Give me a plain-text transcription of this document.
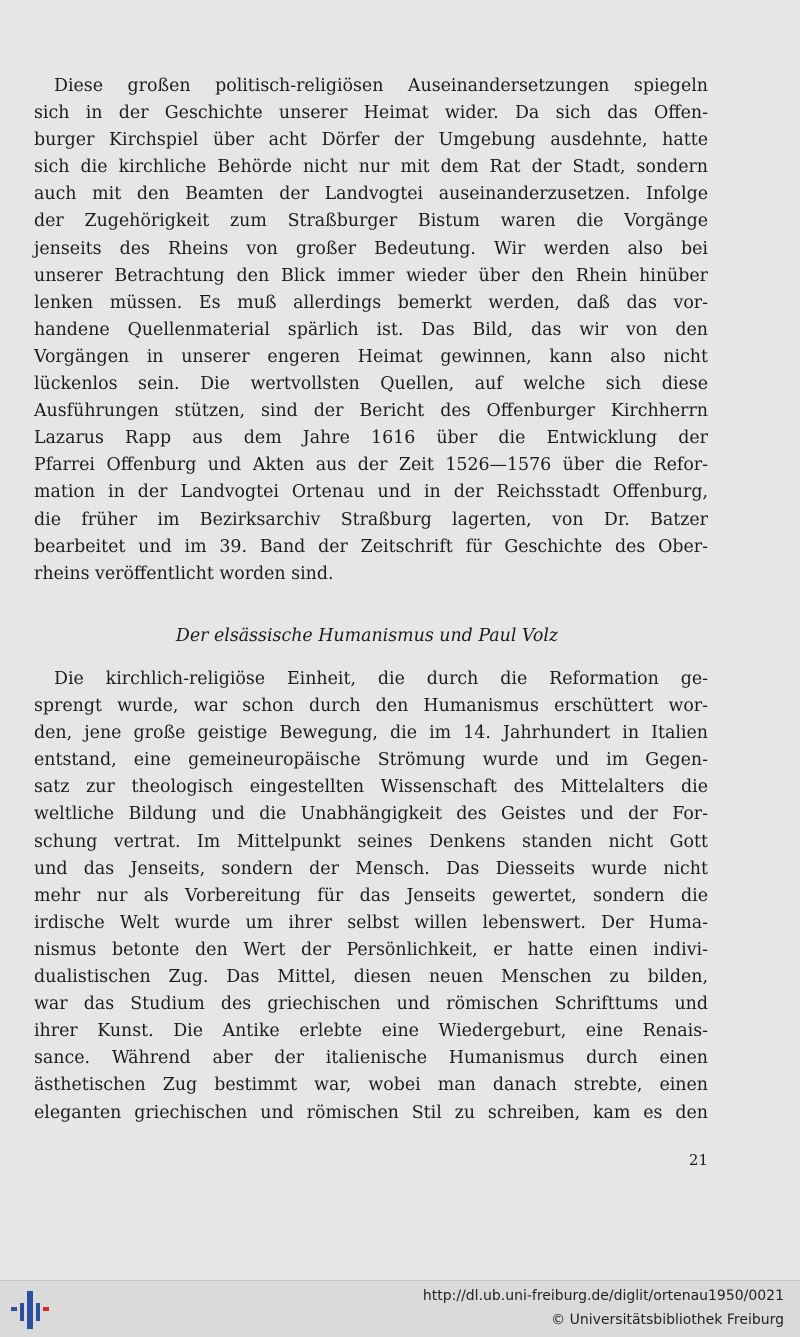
Diese großen politisch-religiösen Auseinandersetzungen spiegeln
sich in der Geschichte unserer Heimat wider. Da sich das Offen-
burger Kirchspiel über acht Dörfer der Umgebung ausdehnte, hatte
sich die kirchliche Behörde nicht nur mit dem Rat der Stadt, sondern
auch mit den Beamten der Landvogtei auseinanderzusetzen. Infolge
der Zugehörigkeit zum Straßburger Bistum waren die Vorgänge
jenseits des Rheins von großer Bedeutung. Wir werden also bei
unserer Betrachtung den Blick immer wieder über den Rhein hinüber
lenken müssen. Es muß allerdings bemerkt werden, daß das vor-
handene Quellenmaterial spärlich ist. Das Bild, das wir von den
Vorgängen in unserer engeren Heimat gewinnen, kann also nicht
lückenlos sein. Die wertvollsten Quellen, auf welche sich diese
Ausführungen stützen, sind der Bericht des Offenburger Kirchherrn
Lazarus Rapp aus dem Jahre 1616 über die Entwicklung der
Pfarrei Offenburg und Akten aus der Zeit 1526—1576 über die Refor-
mation in der Landvogtei Ortenau und in der Reichsstadt Offenburg,
die früher im Bezirksarchiv Straßburg lagerten, von Dr. Batzer
bearbeitet und im 39. Band der Zeitschrift für Geschichte des Ober-
rheins veröffentlicht worden sind.
Der elsässische Humanismus und Paul Volz
Die kirchlich-religiöse Einheit, die durch die Reformation ge-
sprengt wurde, war schon durch den Humanismus erschüttert wor-
den, jene große geistige Bewegung, die im 14. Jahrhundert in Italien
entstand, eine gemeineuropäische Strömung wurde und im Gegen-
satz zur theologisch eingestellten Wissenschaft des Mittelalters die
weltliche Bildung und die Unabhängigkeit des Geistes und der For-
schung vertrat. Im Mittelpunkt seines Denkens standen nicht Gott
und das Jenseits, sondern der Mensch. Das Diesseits wurde nicht
mehr nur als Vorbereitung für das Jenseits gewertet, sondern die
irdische Welt wurde um ihrer selbst willen lebenswert. Der Huma-
nismus betonte den Wert der Persönlichkeit, er hatte einen indivi-
dualistischen Zug. Das Mittel, diesen neuen Menschen zu bilden,
war das Studium des griechischen und römischen Schrifttums und
ihrer Kunst. Die Antike erlebte eine Wiedergeburt, eine Renais-
sance. Während aber der italienische Humanismus durch einen
ästhetischen Zug bestimmt war, wobei man danach strebte, einen
eleganten griechischen und römischen Stil zu schreiben, kam es den
21
http://dl.ub.uni-freiburg.de/diglit/ortenau1950/0021
© Universitätsbibliothek Freiburg
